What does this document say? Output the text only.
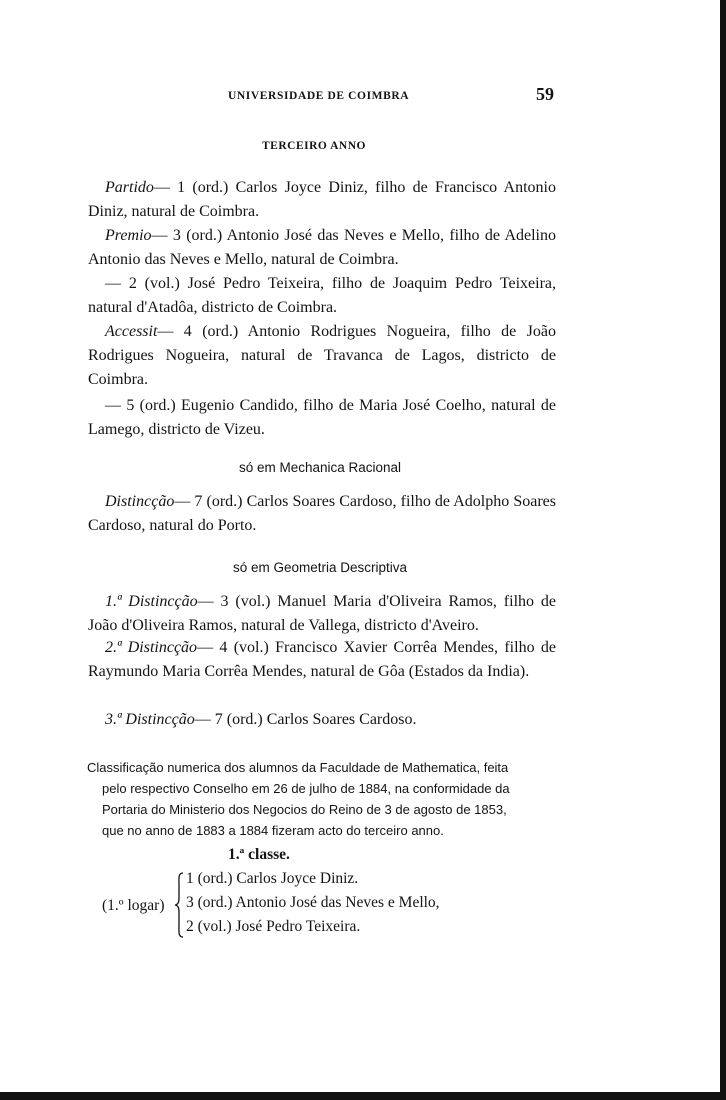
UNIVERSIDADE DE COIMBRA	59
TERCEIRO ANNO
Partido— 1 (ord.) Carlos Joyce Diniz, filho de Francisco Antonio Diniz, natural de Coimbra.
Premio— 3 (ord.) Antonio José das Neves e Mello, filho de Adelino Antonio das Neves e Mello, natural de Coimbra.
— 2 (vol.) José Pedro Teixeira, filho de Joaquim Pedro Teixeira, natural d'Atadôa, districto de Coimbra.
Accessit— 4 (ord.) Antonio Rodrigues Nogueira, filho de João Rodrigues Nogueira, natural de Travanca de Lagos, districto de Coimbra.
— 5 (ord.) Eugenio Candido, filho de Maria José Coelho, natural de Lamego, districto de Vizeu.
só em Mechanica Racional
Distincção— 7 (ord.) Carlos Soares Cardoso, filho de Adolpho Soares Cardoso, natural do Porto.
só em Geometria Descriptiva
1.ª Distincção— 3 (vol.) Manuel Maria d'Oliveira Ramos, filho de João d'Oliveira Ramos, natural de Vallega, districto d'Aveiro.
2.ª Distincção— 4 (vol.) Francisco Xavier Corrêa Mendes, filho de Raymundo Maria Corrêa Mendes, natural de Gôa (Estados da India).
3.ª Distincção— 7 (ord.) Carlos Soares Cardoso.
Classificação numerica dos alumnos da Faculdade de Mathematica, feita
pelo respectivo Conselho em 26 de julho de 1884, na conformidade da
Portaria do Ministerio dos Negocios do Reino de 3 de agosto de 1853,
que no anno de 1883 a 1884 fizeram acto do terceiro anno.
1.ª classe.
(1.º logar)
1 (ord.) Carlos Joyce Diniz.
3 (ord.) Antonio José das Neves e Mello,
2 (vol.) José Pedro Teixeira.
